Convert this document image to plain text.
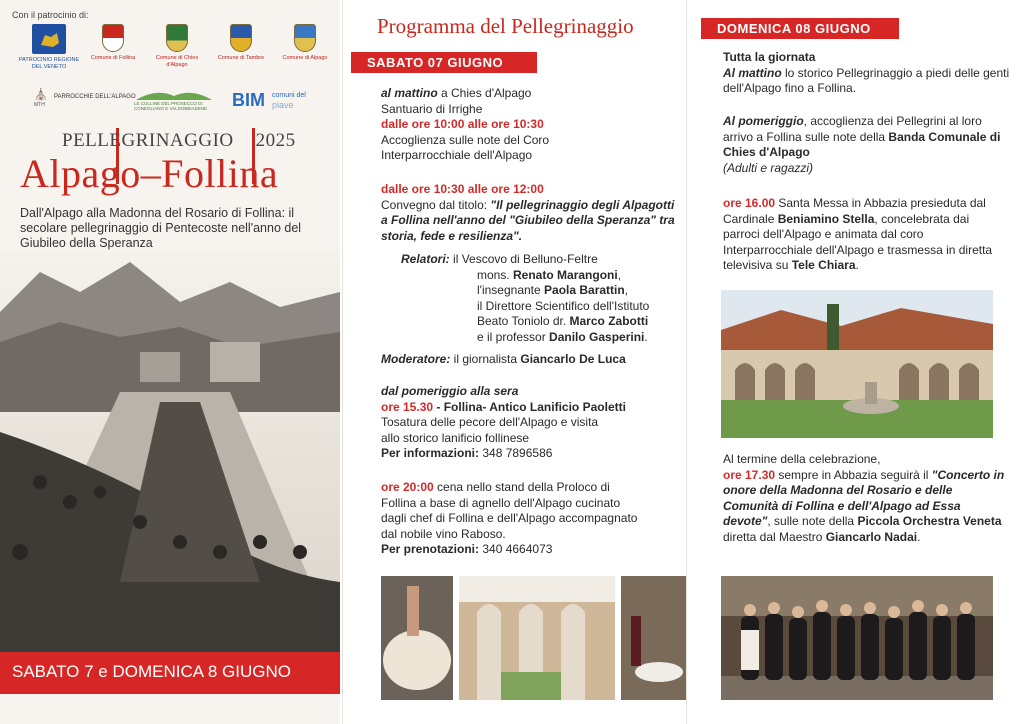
Con il patrocinio di:
PATROCINIO REGIONE DEL VENETO
Comune di Follina	Comune di Chies d'Alpago
Comune di Tambre	Comune di Alpago
⛪
MTH
PARROCCHIE DELL'ALPAGO
LE COLLINE DEL PROSECCO DI CONEGLIANO E VALDOBBIADENE	BIM comuni del
piave
PELLEGRINAGGIO 2025
Alpago–Follina
Dall'Alpago alla Madonna del Rosario di Follina: il secolare pellegrinaggio di Pentecoste nell'anno del Giubileo della Speranza
SABATO 7 e DOMENICA 8 GIUGNO
Programma del Pellegrinaggio
SABATO 07 GIUGNO
al mattino a Chies d'Alpago
Santuario di Irrighe
dalle ore 10:00 alle ore 10:30
Accoglienza sulle note del Coro Interparrocchiale dell'Alpago
dalle ore 10:30 alle ore 12:00
Convegno dal titolo: "Il pellegrinaggio degli Alpagotti a Follina nell'anno del "Giubileo della Speranza" tra storia, fede e resilienza".
Relatori: il Vescovo di Belluno-Feltre
mons. Renato Marangoni,
l'insegnante Paola Barattin,
il Direttore Scientifico dell'Istituto
Beato Toniolo dr. Marco Zabotti
e il professor Danilo Gasperini.
Moderatore: il giornalista Giancarlo De Luca
dal pomeriggio alla sera
ore 15.30 - Follina- Antico Lanificio Paoletti
Tosatura delle pecore dell'Alpago e visita allo storico lanificio follinese
Per informazioni: 348 7896586
ore 20:00 cena nello stand della Proloco di Follina a base di agnello dell'Alpago cucinato dagli chef di Follina e dell'Alpago accompagnato dal nobile vino Raboso.
Per prenotazioni: 340 4664073
DOMENICA 08 GIUGNO
Tutta la giornata
Al mattino lo storico Pellegrinaggio a piedi delle genti dell'Alpago fino a Follina.
Al pomeriggio, accoglienza dei Pellegrini al loro arrivo a Follina sulle note della Banda Comunale di Chies d'Alpago
(Adulti e ragazzi)
ore 16.00 Santa Messa in Abbazia presieduta dal Cardinale Beniamino Stella, concelebrata dai parroci dell'Alpago e animata dal coro Interparrocchiale dell'Alpago e trasmessa in diretta televisiva su Tele Chiara.
Al termine della celebrazione,
ore 17.30 sempre in Abbazia seguirà il "Concerto in onore della Madonna del Rosario e delle Comunità di Follina e dell'Alpago ad Essa devote", sulle note della Piccola Orchestra Veneta diretta dal Maestro Giancarlo Nadai.
